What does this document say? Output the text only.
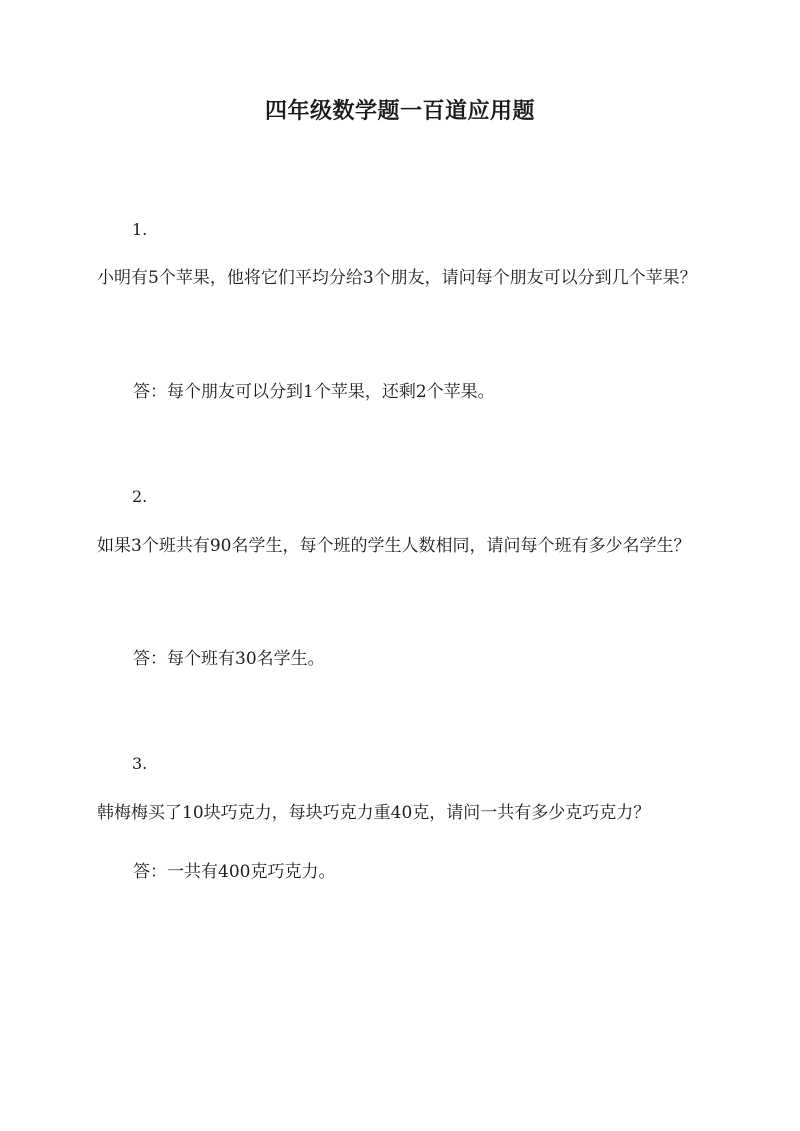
四年级数学题一百道应用题
1.
小明有5个苹果，他将它们平均分给3个朋友，请问每个朋友可以分到几个苹果？
答：每个朋友可以分到1个苹果，还剩2个苹果。
2.
如果3个班共有90名学生，每个班的学生人数相同，请问每个班有多少名学生？
答：每个班有30名学生。
3.
韩梅梅买了10块巧克力，每块巧克力重40克，请问一共有多少克巧克力？
答：一共有400克巧克力。
